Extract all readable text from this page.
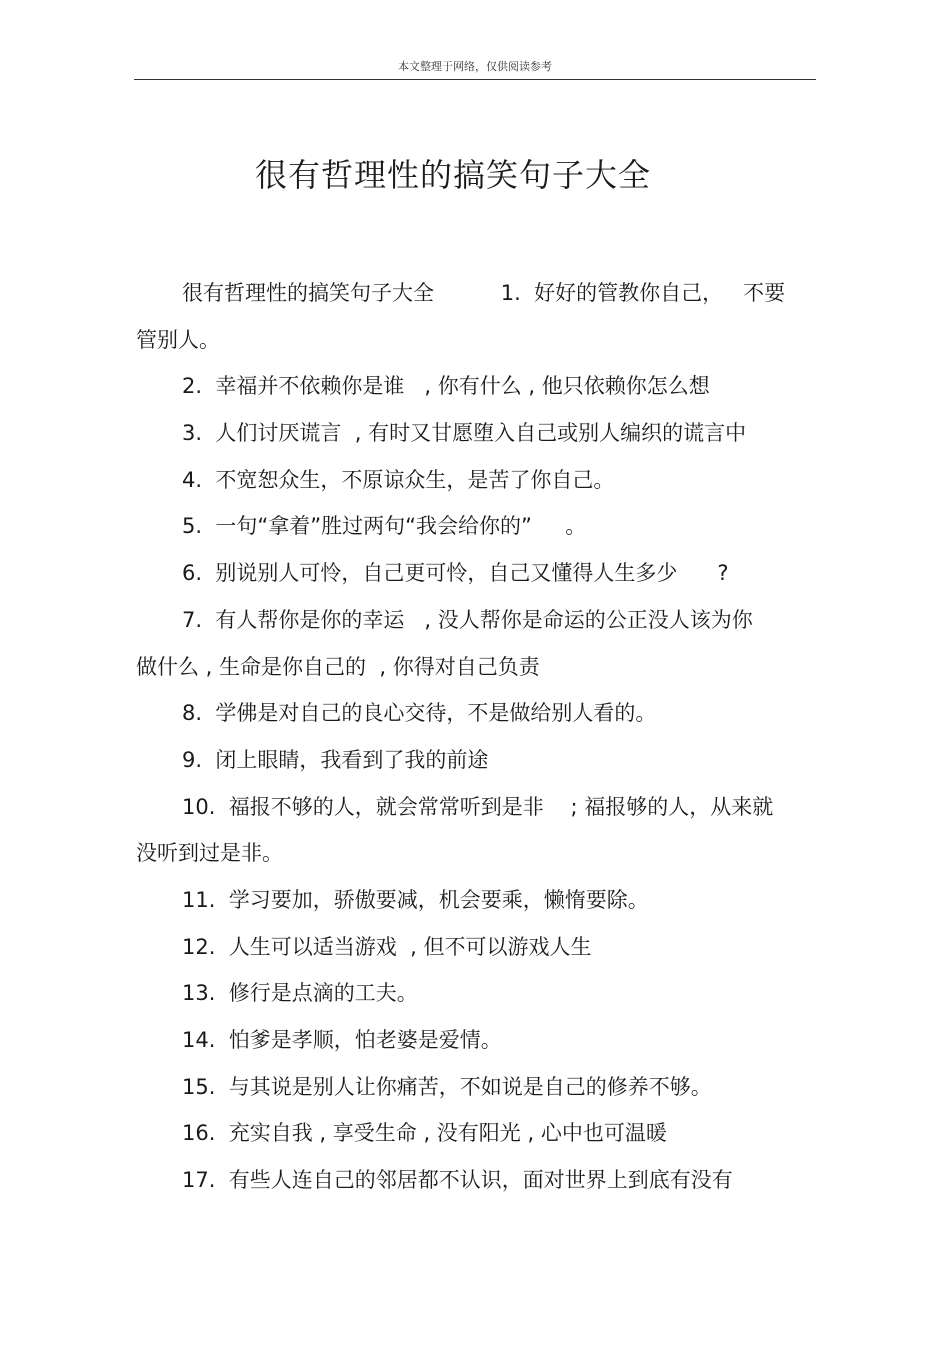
本文整理于网络，仅供阅读参考
很有哲理性的搞笑句子大全
很有哲理性的搞笑句子大全          1.  好好的管教你自己，   不要
管别人。
2.  幸福并不依赖你是谁   , 你有什么 , 他只依赖你怎么想
3.  人们讨厌谎言  , 有时又甘愿堕入自己或别人编织的谎言中
4.  不宽恕众生，不原谅众生，是苦了你自己。
5.  一句“拿着”胜过两句“我会给你的”     。
6.  别说别人可怜，自己更可怜，自己又懂得人生多少      ?
7.  有人帮你是你的幸运   , 没人帮你是命运的公正没人该为你
做什么 , 生命是你自己的  , 你得对自己负责
8.  学佛是对自己的良心交待，不是做给别人看的。
9.  闭上眼睛，我看到了我的前途
10.  福报不够的人，就会常常听到是非    ; 福报够的人，从来就
没听到过是非。
11.  学习要加，骄傲要减，机会要乘，懒惰要除。
12.  人生可以适当游戏  , 但不可以游戏人生
13.  修行是点滴的工夫。
14.  怕爹是孝顺，怕老婆是爱情。
15.  与其说是别人让你痛苦，不如说是自己的修养不够。
16.  充实自我 , 享受生命 , 没有阳光 , 心中也可温暖
17.  有些人连自己的邻居都不认识，面对世界上到底有没有
